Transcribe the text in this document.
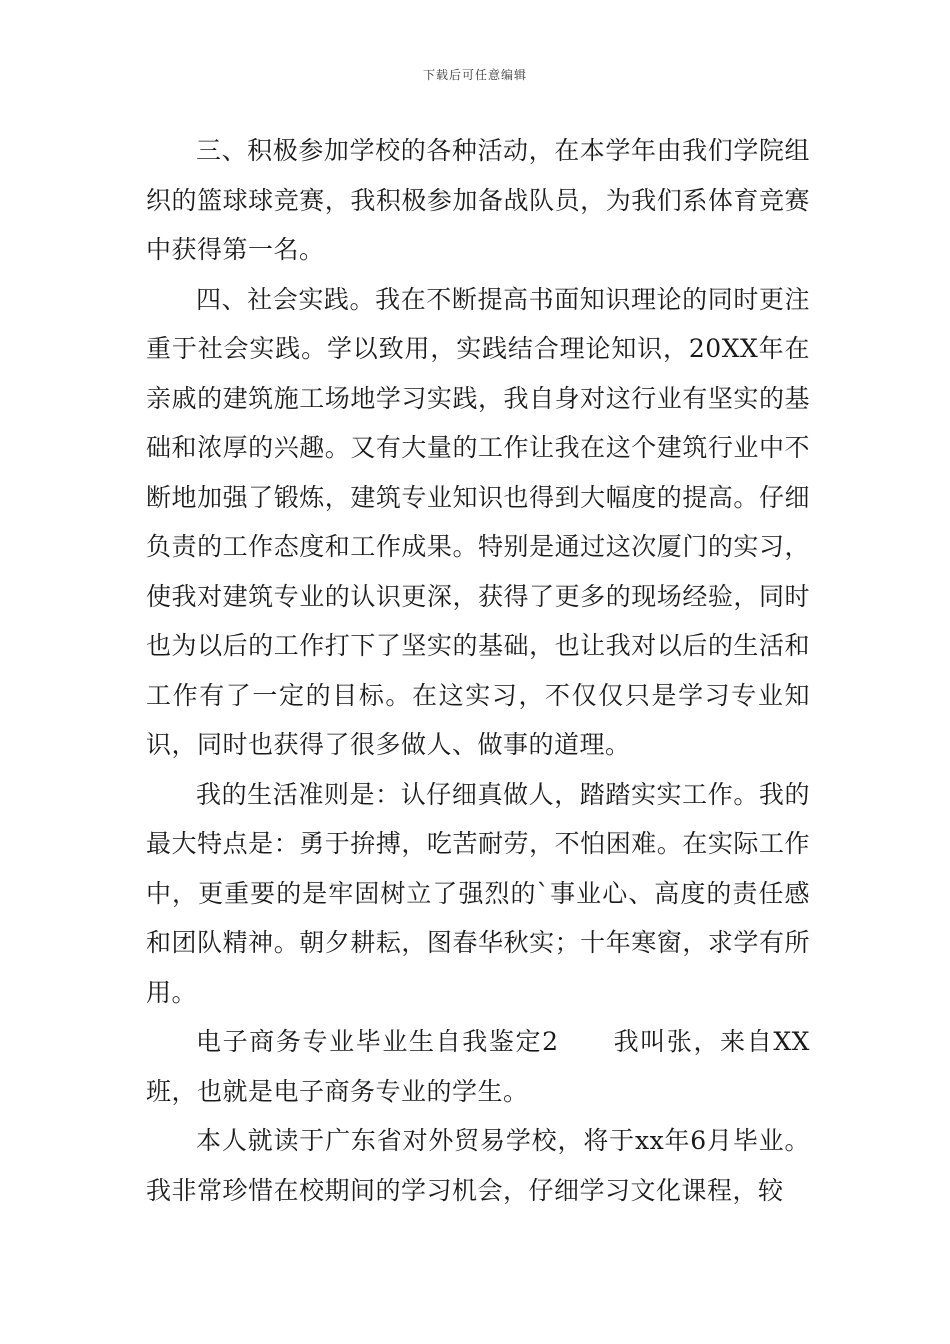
下载后可任意编辑

三、积极参加学校的各种活动，在本学年由我们学院组织的篮球球竞赛，我积极参加备战队员，为我们系体育竞赛中获得第一名。

四、社会实践。我在不断提高书面知识理论的同时更注重于社会实践。学以致用，实践结合理论知识，20XX年在亲戚的建筑施工场地学习实践，我自身对这行业有坚实的基础和浓厚的兴趣。又有大量的工作让我在这个建筑行业中不断地加强了锻炼，建筑专业知识也得到大幅度的提高。仔细负责的工作态度和工作成果。特别是通过这次厦门的实习，使我对建筑专业的认识更深，获得了更多的现场经验，同时也为以后的工作打下了坚实的基础，也让我对以后的生活和工作有了一定的目标。在这实习，不仅仅只是学习专业知识，同时也获得了很多做人、做事的道理。

我的生活准则是：认仔细真做人，踏踏实实工作。我的最大特点是：勇于拚搏，吃苦耐劳，不怕困难。在实际工作中，更重要的是牢固树立了强烈的`事业心、高度的责任感和团队精神。朝夕耕耘，图春华秋实；十年寒窗，求学有所用。

电子商务专业毕业生自我鉴定2 我叫张，来自XX班，也就是电子商务专业的学生。

本人就读于广东省对外贸易学校，将于xx年6月毕业。我非常珍惜在校期间的学习机会，仔细学习文化课程，较
